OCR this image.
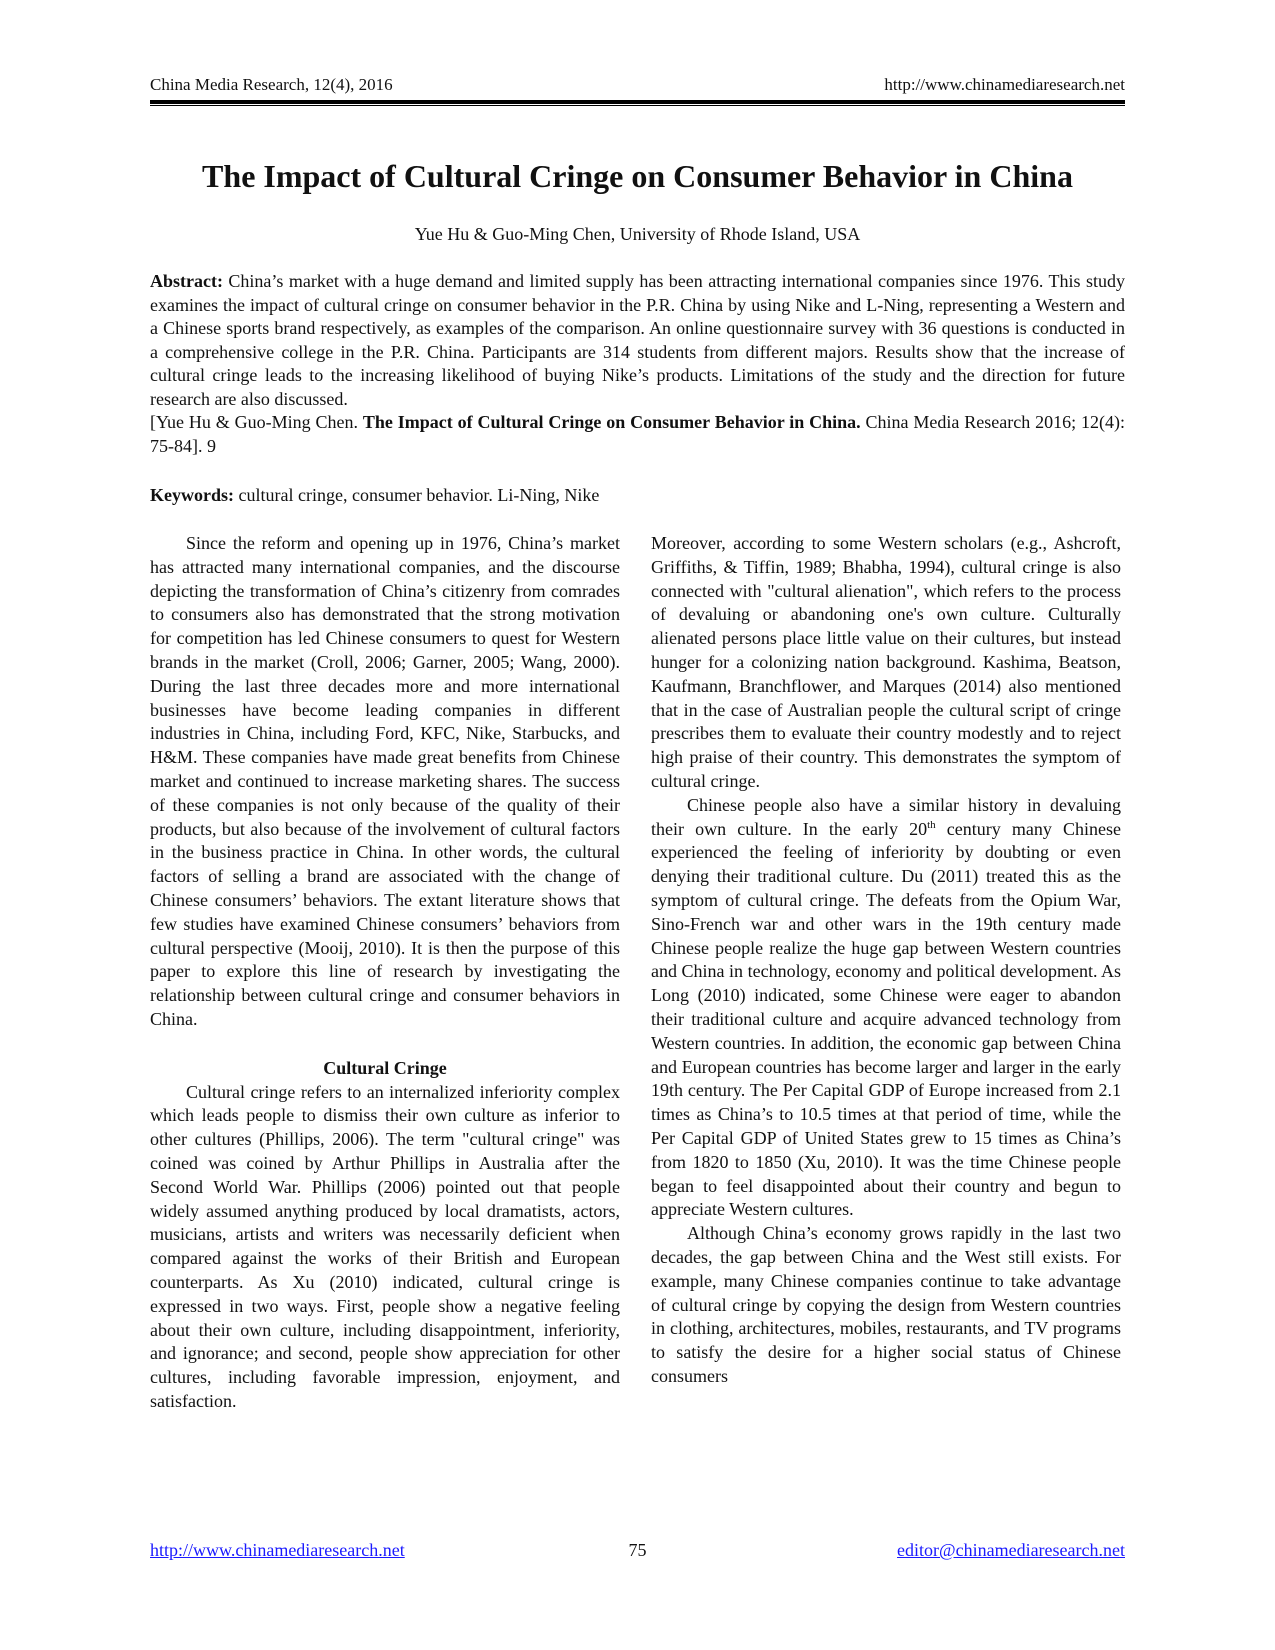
China Media Research, 12(4), 2016	http://www.chinamediaresearch.net
The Impact of Cultural Cringe on Consumer Behavior in China
Yue Hu & Guo-Ming Chen, University of Rhode Island, USA

Abstract: China’s market with a huge demand and limited supply has been attracting international companies since 1976. This study examines the impact of cultural cringe on consumer behavior in the P.R. China by using Nike and L-Ning, representing a Western and a Chinese sports brand respectively, as examples of the comparison. An online questionnaire survey with 36 questions is conducted in a comprehensive college in the P.R. China. Participants are 314 students from different majors. Results show that the increase of cultural cringe leads to the increasing likelihood of buying Nike’s products. Limitations of the study and the direction for future research are also discussed.

[Yue Hu & Guo-Ming Chen. The Impact of Cultural Cringe on Consumer Behavior in China. China Media Research 2016; 12(4): 75-84]. 9

Keywords: cultural cringe, consumer behavior. Li-Ning, Nike

Since the reform and opening up in 1976, China’s market has attracted many international companies, and the discourse depicting the transformation of China’s citizenry from comrades to consumers also has demonstrated that the strong motivation for competition has led Chinese consumers to quest for Western brands in the market (Croll, 2006; Garner, 2005; Wang, 2000). During the last three decades more and more international businesses have become leading companies in different industries in China, including Ford, KFC, Nike, Starbucks, and H&M. These companies have made great benefits from Chinese market and continued to increase marketing shares. The success of these companies is not only because of the quality of their products, but also because of the involvement of cultural factors in the business practice in China. In other words, the cultural factors of selling a brand are associated with the change of Chinese consumers’ behaviors. The extant literature shows that few studies have examined Chinese consumers’ behaviors from cultural perspective (Mooij, 2010). It is then the purpose of this paper to explore this line of research by investigating the relationship between cultural cringe and consumer behaviors in China.

Cultural Cringe

Cultural cringe refers to an internalized inferiority complex which leads people to dismiss their own culture as inferior to other cultures (Phillips, 2006). The term "cultural cringe" was coined was coined by Arthur Phillips in Australia after the Second World War. Phillips (2006) pointed out that people widely assumed anything produced by local dramatists, actors, musicians, artists and writers was necessarily deficient when compared against the works of their British and European counterparts. As Xu (2010) indicated, cultural cringe is expressed in two ways. First, people show a negative feeling about their own culture, including disappointment, inferiority, and ignorance; and second, people show appreciation for other cultures, including favorable impression, enjoyment, and satisfaction.

Moreover, according to some Western scholars (e.g., Ashcroft, Griffiths, & Tiffin, 1989; Bhabha, 1994), cultural cringe is also connected with "cultural alienation", which refers to the process of devaluing or abandoning one's own culture. Culturally alienated persons place little value on their cultures, but instead hunger for a colonizing nation background. Kashima, Beatson, Kaufmann, Branchflower, and Marques (2014) also mentioned that in the case of Australian people the cultural script of cringe prescribes them to evaluate their country modestly and to reject high praise of their country. This demonstrates the symptom of cultural cringe.

Chinese people also have a similar history in devaluing their own culture. In the early 20th century many Chinese experienced the feeling of inferiority by doubting or even denying their traditional culture. Du (2011) treated this as the symptom of cultural cringe. The defeats from the Opium War, Sino-French war and other wars in the 19th century made Chinese people realize the huge gap between Western countries and China in technology, economy and political development. As Long (2010) indicated, some Chinese were eager to abandon their traditional culture and acquire advanced technology from Western countries. In addition, the economic gap between China and European countries has become larger and larger in the early 19th century. The Per Capital GDP of Europe increased from 2.1 times as China’s to 10.5 times at that period of time, while the Per Capital GDP of United States grew to 15 times as China’s from 1820 to 1850 (Xu, 2010). It was the time Chinese people began to feel disappointed about their country and begun to appreciate Western cultures.

Although China’s economy grows rapidly in the last two decades, the gap between China and the West still exists. For example, many Chinese companies continue to take advantage of cultural cringe by copying the design from Western countries in clothing, architectures, mobiles, restaurants, and TV programs to satisfy the desire for a higher social status of Chinese consumers

http://www.chinamediaresearch.net	75	editor@chinamediaresearch.net
